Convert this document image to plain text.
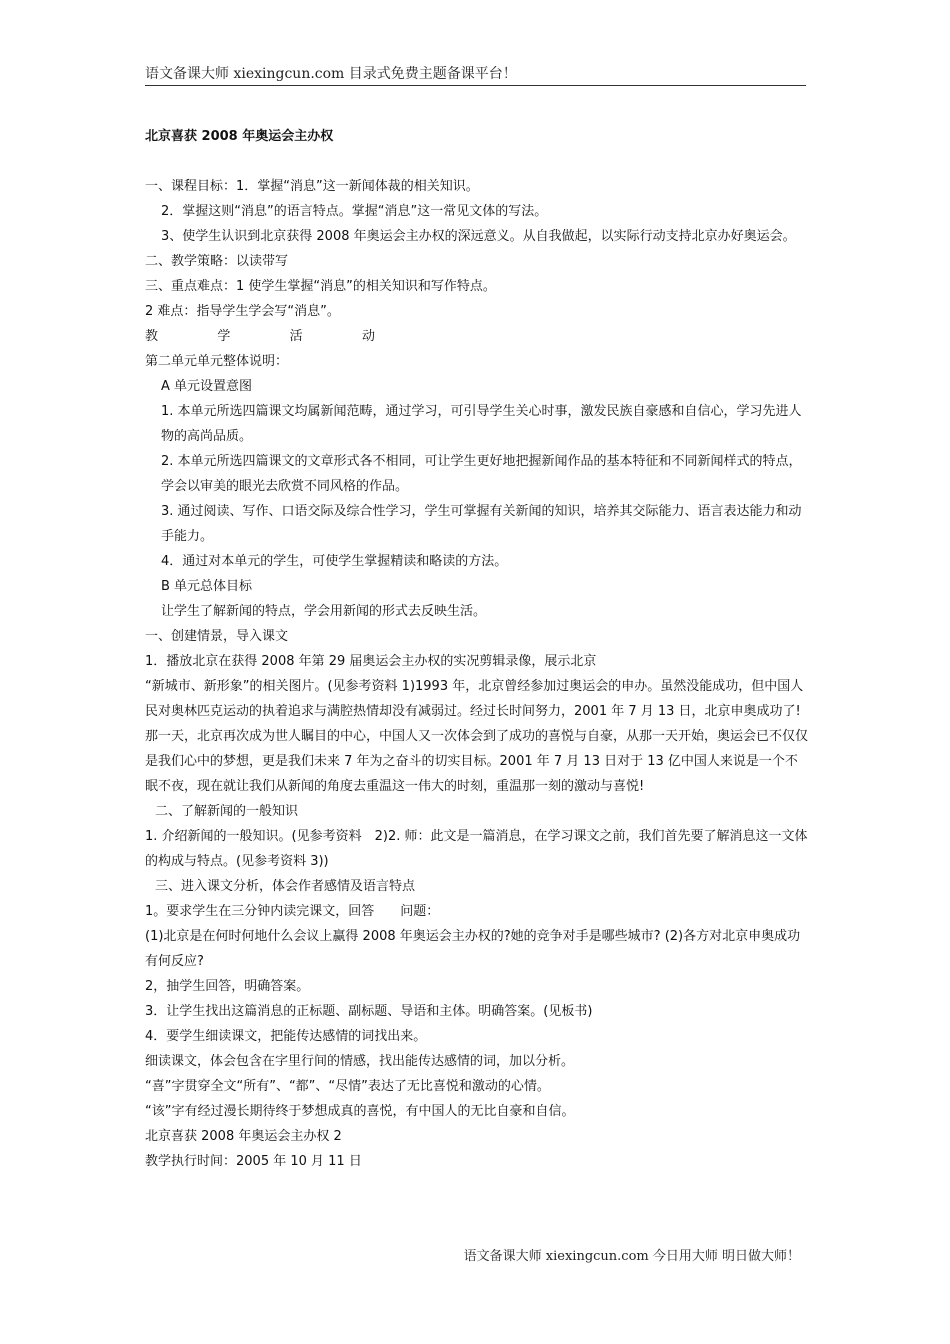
语文备课大师 xiexingcun.com 目录式免费主题备课平台！
北京喜获 2008 年奥运会主办权

一、课程目标：1．掌握“消息”这一新闻体裁的相关知识。

2．掌握这则“消息”的语言特点。掌握“消息”这一常见文体的写法。

3、使学生认识到北京获得 2008 年奥运会主办权的深远意义。从自我做起，以实际行动支持北京办好奥运会。

二、教学策略：以读带写

三、重点难点：1 使学生掌握“消息”的相关知识和写作特点。

2 难点：指导学生学会写“消息”。

教	学	活	动

第二单元单元整体说明：

A 单元设置意图

1. 本单元所选四篇课文均属新闻范畴，通过学习，可引导学生关心时事，激发民族自豪感和自信心，学习先进人物的高尚品质。

2. 本单元所选四篇课文的文章形式各不相同，可让学生更好地把握新闻作品的基本特征和不同新闻样式的特点，学会以审美的眼光去欣赏不同风格的作品。

3. 通过阅读、写作、口语交际及综合性学习，学生可掌握有关新闻的知识，培养其交际能力、语言表达能力和动手能力。

4．通过对本单元的学生，可使学生掌握精读和略读的方法。

B 单元总体目标

让学生了解新闻的特点，学会用新闻的形式去反映生活。

一、创建情景，导入课文

1．播放北京在获得 2008 年第 29 届奥运会主办权的实况剪辑录像，展示北京

“新城市、新形象”的相关图片。(见参考资料 1)1993 年，北京曾经参加过奥运会的申办。虽然没能成功，但中国人民对奥林匹克运动的执着追求与满腔热情却没有减弱过。经过长时间努力，2001 年 7 月 13 日，北京申奥成功了!那一天，北京再次成为世人瞩目的中心，中国人又一次体会到了成功的喜悦与自豪，从那一天开始，奥运会已不仅仅是我们心中的梦想，更是我们未来 7 年为之奋斗的切实目标。2001 年 7 月 13 日对于 13 亿中国人来说是一个不眠不夜，现在就让我们从新闻的角度去重温这一伟大的时刻，重温那一刻的激动与喜悦!

二、了解新闻的一般知识

1. 介绍新闻的一般知识。(见参考资料　2)2. 师：此文是一篇消息，在学习课文之前，我们首先要了解消息这一文体的构成与特点。(见参考资料 3))

三、进入课文分析，体会作者感情及语言特点

1。要求学生在三分钟内读完课文，回答　　问题：

(1)北京是在何时何地什么会议上赢得 2008 年奥运会主办权的?她的竞争对手是哪些城市? (2)各方对北京申奥成功有何反应?

2，抽学生回答，明确答案。

3．让学生找出这篇消息的正标题、副标题、导语和主体。明确答案。(见板书)

4．要学生细读课文，把能传达感情的词找出来。

细读课文，体会包含在字里行间的情感，找出能传达感情的词，加以分析。

“喜”字贯穿全文“所有”、“都”、“尽情”表达了无比喜悦和激动的心情。

“该”字有经过漫长期待终于梦想成真的喜悦，有中国人的无比自豪和自信。

北京喜获 2008 年奥运会主办权 2

教学执行时间：2005 年 10 月 11 日

语文备课大师 xiexingcun.com 今日用大师 明日做大师！
